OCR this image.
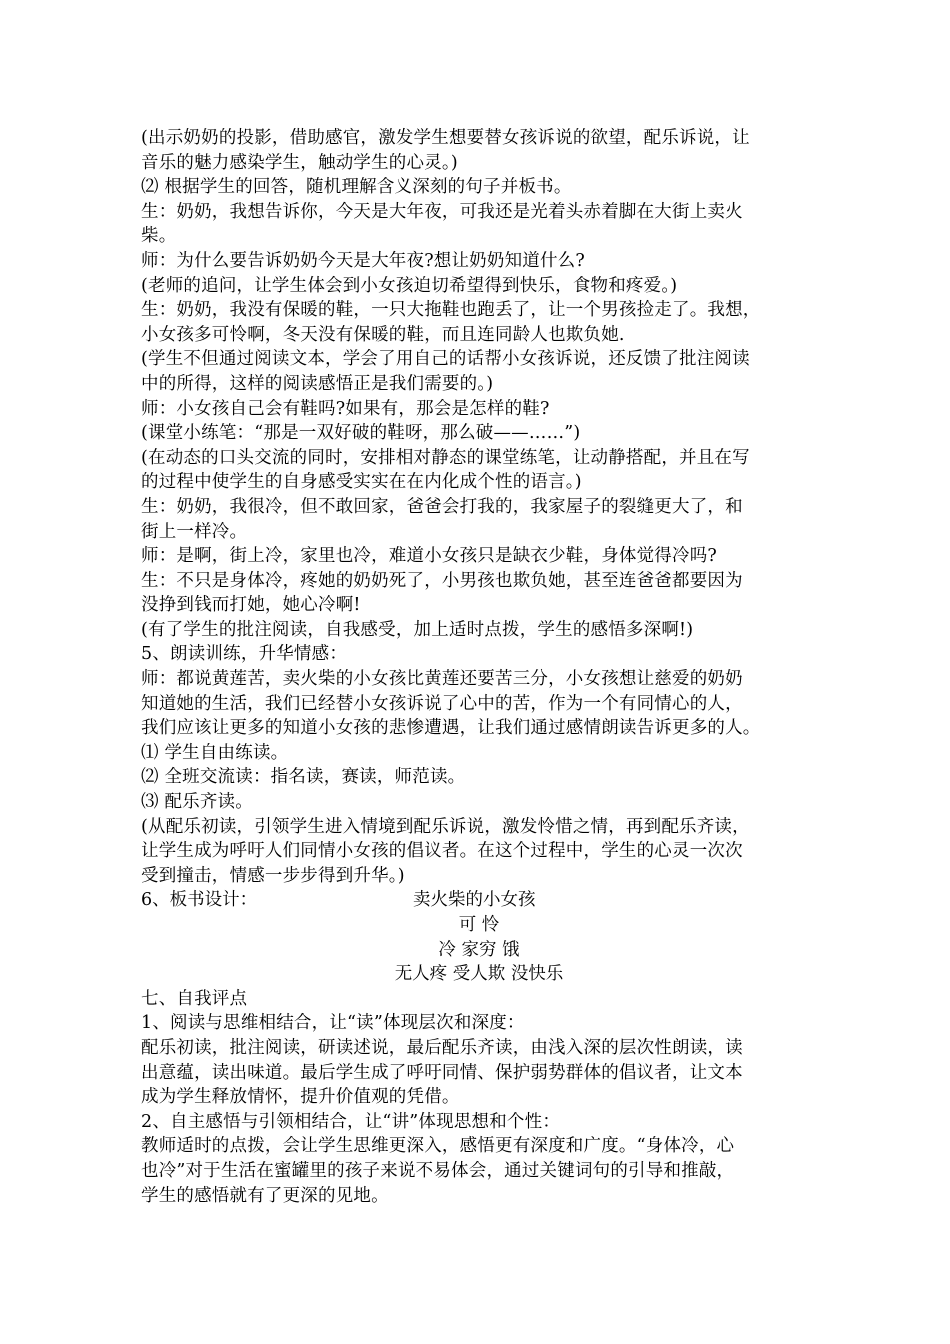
(出示奶奶的投影，借助感官，激发学生想要替女孩诉说的欲望，配乐诉说，让
音乐的魅力感染学生，触动学生的心灵。)
⑵ 根据学生的回答，随机理解含义深刻的句子并板书。
生：奶奶，我想告诉你，今天是大年夜，可我还是光着头赤着脚在大街上卖火
柴。
师：为什么要告诉奶奶今天是大年夜?想让奶奶知道什么?
(老师的追问，让学生体会到小女孩迫切希望得到快乐，食物和疼爱。)
生：奶奶，我没有保暖的鞋，一只大拖鞋也跑丢了，让一个男孩捡走了。我想，
小女孩多可怜啊，冬天没有保暖的鞋，而且连同龄人也欺负她.
(学生不但通过阅读文本，学会了用自己的话帮小女孩诉说，还反馈了批注阅读
中的所得，这样的阅读感悟正是我们需要的。)
师：小女孩自己会有鞋吗?如果有，那会是怎样的鞋?
(课堂小练笔：“那是一双好破的鞋呀，那么破——……”)
(在动态的口头交流的同时，安排相对静态的课堂练笔，让动静搭配，并且在写
的过程中使学生的自身感受实实在在内化成个性的语言。)
生：奶奶，我很冷，但不敢回家，爸爸会打我的，我家屋子的裂缝更大了，和
街上一样冷。
师：是啊，街上冷，家里也冷，难道小女孩只是缺衣少鞋，身体觉得冷吗?
生：不只是身体冷，疼她的奶奶死了，小男孩也欺负她，甚至连爸爸都要因为
没挣到钱而打她，她心冷啊!
(有了学生的批注阅读，自我感受，加上适时点拨，学生的感悟多深啊!)
5、朗读训练，升华情感：
师：都说黄莲苦，卖火柴的小女孩比黄莲还要苦三分，小女孩想让慈爱的奶奶
知道她的生活，我们已经替小女孩诉说了心中的苦，作为一个有同情心的人，
我们应该让更多的知道小女孩的悲惨遭遇，让我们通过感情朗读告诉更多的人。
⑴ 学生自由练读。
⑵ 全班交流读：指名读，赛读，师范读。
⑶ 配乐齐读。
(从配乐初读，引领学生进入情境到配乐诉说，激发怜惜之情，再到配乐齐读，
让学生成为呼吁人们同情小女孩的倡议者。在这个过程中，学生的心灵一次次
受到撞击，情感一步步得到升华。)
6、板书设计：	卖火柴的小女孩
可 怜
冷 家穷 饿
无人疼 受人欺 没快乐
七、自我评点
1、阅读与思维相结合，让“读”体现层次和深度：
配乐初读，批注阅读，研读述说，最后配乐齐读，由浅入深的层次性朗读，读
出意蕴，读出味道。最后学生成了呼吁同情、保护弱势群体的倡议者，让文本
成为学生释放情怀，提升价值观的凭借。
2、自主感悟与引领相结合，让“讲”体现思想和个性：
教师适时的点拨，会让学生思维更深入，感悟更有深度和广度。“身体冷，心
也冷”对于生活在蜜罐里的孩子来说不易体会，通过关键词句的引导和推敲，
学生的感悟就有了更深的见地。
